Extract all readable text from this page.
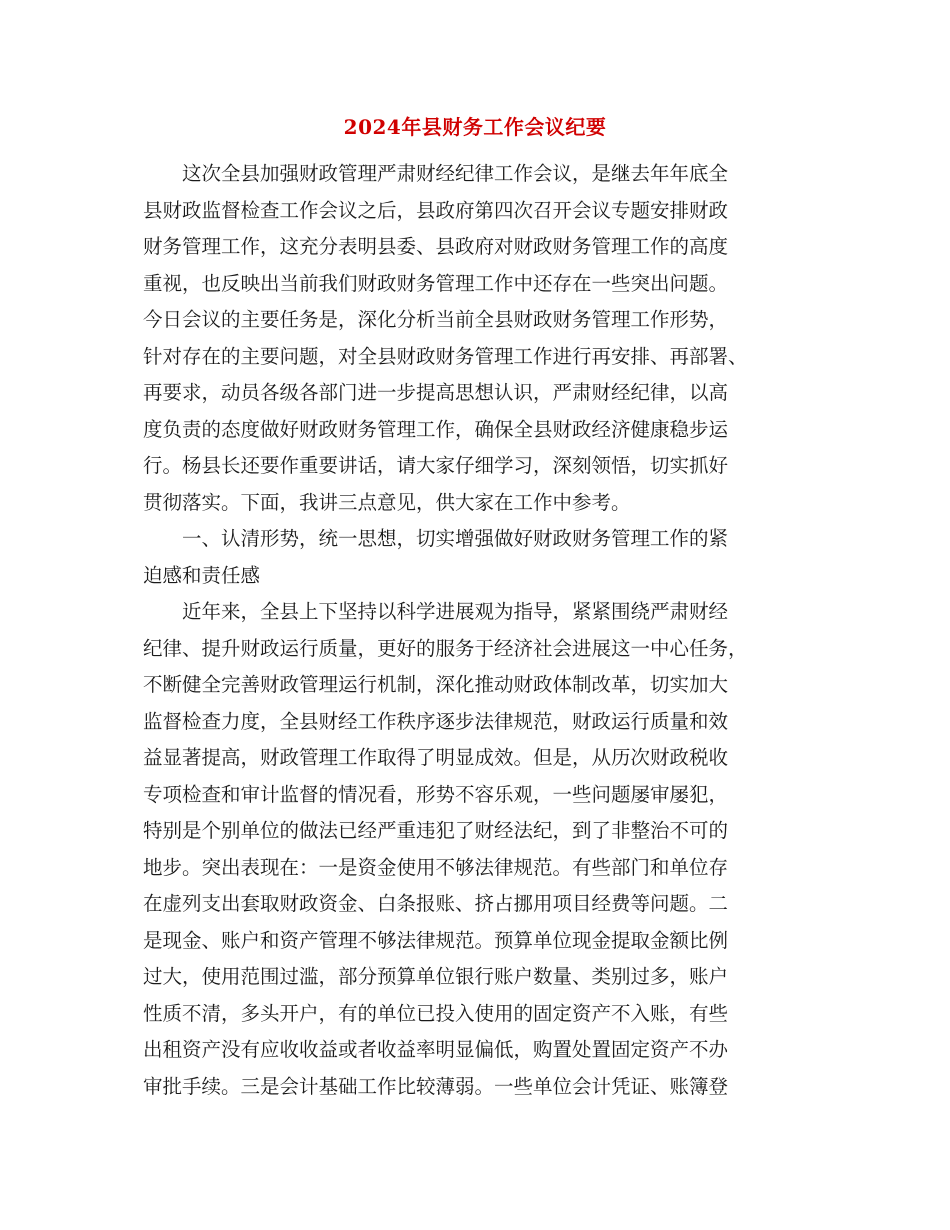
2024年县财务工作会议纪要
　　这次全县加强财政管理严肃财经纪律工作会议，是继去年年底全
县财政监督检查工作会议之后，县政府第四次召开会议专题安排财政
财务管理工作，这充分表明县委、县政府对财政财务管理工作的高度
重视，也反映出当前我们财政财务管理工作中还存在一些突出问题。
今日会议的主要任务是，深化分析当前全县财政财务管理工作形势，
针对存在的主要问题，对全县财政财务管理工作进行再安排、再部署、
再要求，动员各级各部门进一步提高思想认识，严肃财经纪律，以高
度负责的态度做好财政财务管理工作，确保全县财政经济健康稳步运
行。杨县长还要作重要讲话，请大家仔细学习，深刻领悟，切实抓好
贯彻落实。下面，我讲三点意见，供大家在工作中参考。
　　一、认清形势，统一思想，切实增强做好财政财务管理工作的紧
迫感和责任感
　　近年来，全县上下坚持以科学进展观为指导，紧紧围绕严肃财经
纪律、提升财政运行质量，更好的服务于经济社会进展这一中心任务，
不断健全完善财政管理运行机制，深化推动财政体制改革，切实加大
监督检查力度，全县财经工作秩序逐步法律规范，财政运行质量和效
益显著提高，财政管理工作取得了明显成效。但是，从历次财政税收
专项检查和审计监督的情况看，形势不容乐观，一些问题屡审屡犯，
特别是个别单位的做法已经严重违犯了财经法纪，到了非整治不可的
地步。突出表现在：一是资金使用不够法律规范。有些部门和单位存
在虚列支出套取财政资金、白条报账、挤占挪用项目经费等问题。二
是现金、账户和资产管理不够法律规范。预算单位现金提取金额比例
过大，使用范围过滥，部分预算单位银行账户数量、类别过多，账户
性质不清，多头开户，有的单位已投入使用的固定资产不入账，有些
出租资产没有应收收益或者收益率明显偏低，购置处置固定资产不办
审批手续。三是会计基础工作比较薄弱。一些单位会计凭证、账簿登
